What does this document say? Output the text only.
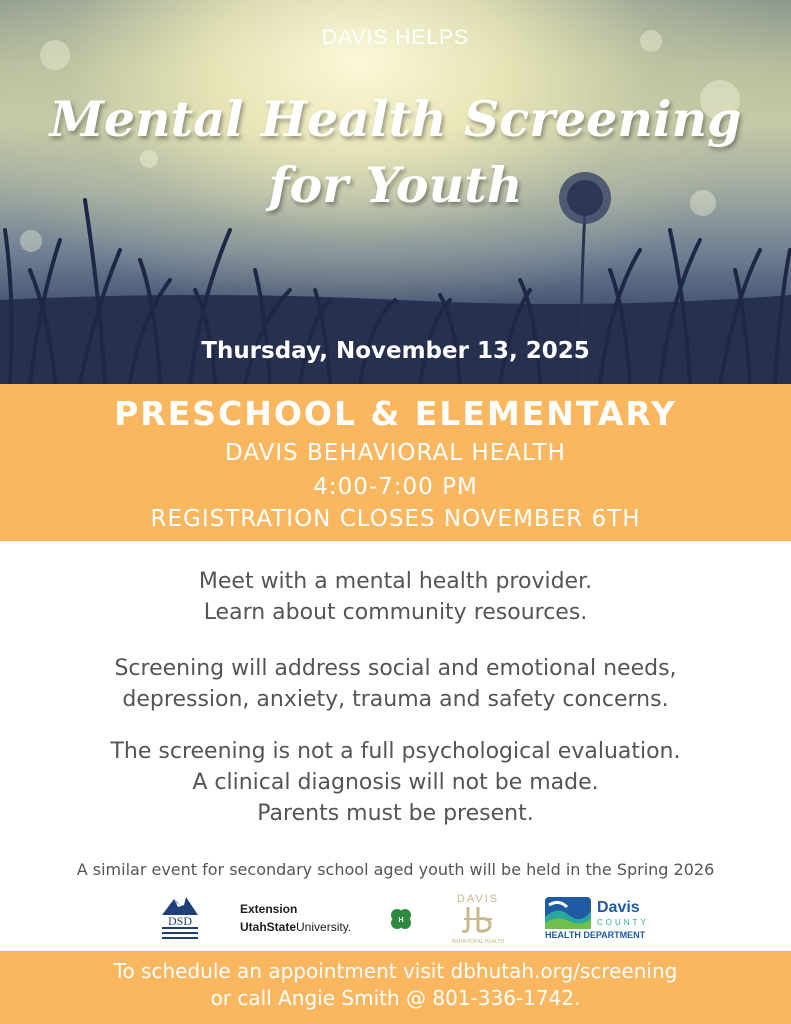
DAVIS HELPS
Mental Health Screening
for Youth
Thursday, November 13, 2025
PRESCHOOL & ELEMENTARY
DAVIS BEHAVIORAL HEALTH
4:00-7:00 PM
REGISTRATION CLOSES NOVEMBER 6TH
Meet with a mental health provider.
Learn about community resources.
Screening will address social and emotional needs,
depression, anxiety, trauma and safety concerns.
The screening is not a full psychological evaluation.
A clinical diagnosis will not be made.
Parents must be present.
A similar event for secondary school aged youth will be held in the Spring 2026
DSD
Extension
UtahStateUniversity.	H
DAVIS
BEHAVIORAL HEALTH
Davis
COUNTY
HEALTH DEPARTMENT
To schedule an appointment visit dbhutah.org/screening
or call Angie Smith @ 801-336-1742.
